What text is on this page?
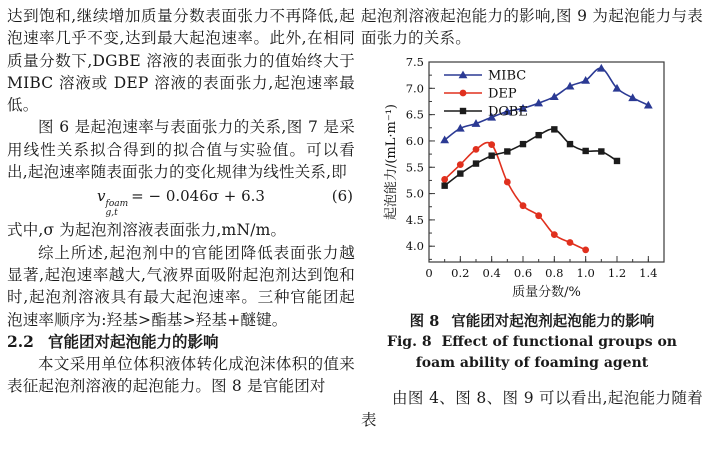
达到饱和,继续增加质量分数表面张力不再降低,起泡速率几乎不变,达到最大起泡速率。此外,在相同质量分数下,DGBE 溶液的表面张力的值始终大于 MIBC 溶液或 DEP 溶液的表面张力,起泡速率最低。

图 6 是起泡速率与表面张力的关系,图 7 是采用线性关系拟合得到的拟合值与实验值。可以看出,起泡速率随表面张力的变化规律为线性关系,即

v foam
g,t
= − 0.046σ + 6.3	(6)

式中,σ 为起泡剂溶液表面张力,mN/m。

综上所述,起泡剂中的官能团降低表面张力越显著,起泡速率越大,气液界面吸附起泡剂达到饱和时,起泡剂溶液具有最大起泡速率。三种官能团起泡速率顺序为:羟基>酯基>羟基+醚键。

2.2 官能团对起泡能力的影响

本文采用单位体积液体转化成泡沫体积的值来表征起泡剂溶液的起泡能力。图 8 是官能团对

起泡剂溶液起泡能力的影响,图 9 为起泡能力与表面张力的关系。

0 0.2 0.4 0.6 0.8 1.0 1.2 1.4
4.0
4.5
5.0
5.5
6.0
6.5
7.0
7.5
质量分数/%
起泡能力/(mL·m⁻¹)
MIBC
DEP
DGBE
图 8 官能团对起泡剂起泡能力的影响
Fig. 8 Effect of functional groups on
foam ability of foaming agent

由图 4、图 8、图 9 可以看出,起泡能力随着表
